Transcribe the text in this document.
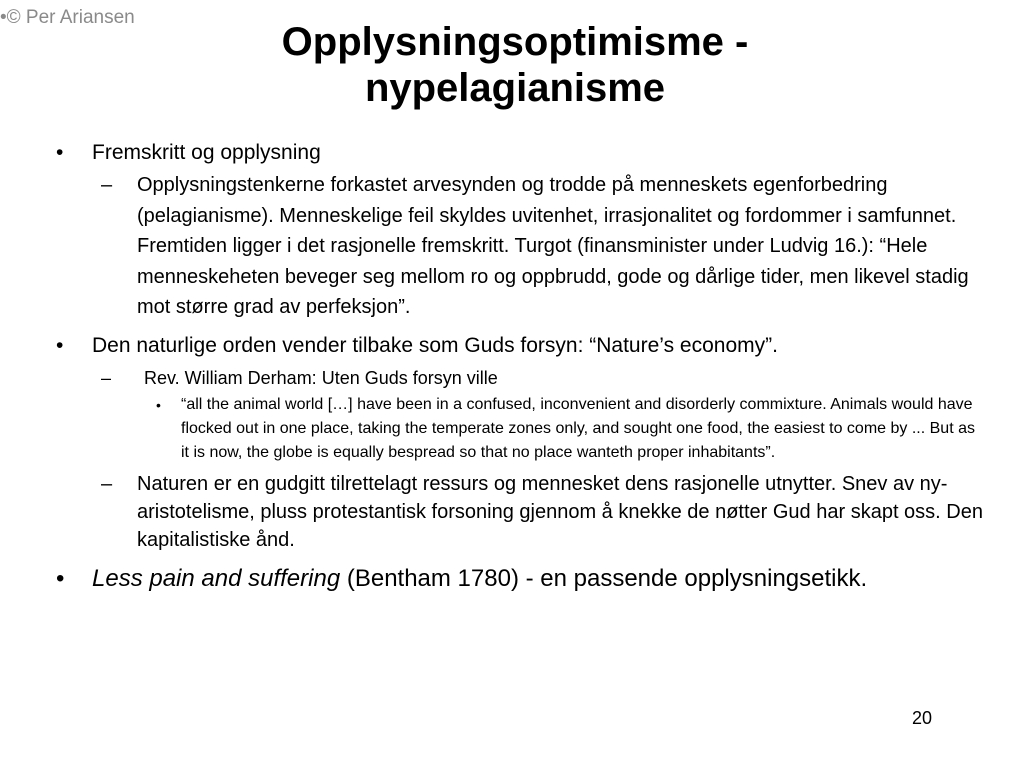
•© Per Ariansen
Opplysningsoptimisme -
nypelagianisme
• Fremskritt og opplysning
– Opplysningstenkerne forkastet arvesynden og trodde på menneskets egenforbedring (pelagianisme). Menneskelige feil skyldes uvitenhet, irrasjonalitet og fordommer i samfunnet. Fremtiden ligger i det rasjonelle fremskritt. Turgot (finansminister under Ludvig 16.): “Hele menneskeheten beveger seg mellom ro og oppbrudd, gode og dårlige tider, men likevel stadig mot større grad av perfeksjon”.
• Den naturlige orden vender tilbake som Guds forsyn: “Nature’s economy”.
– Rev. William Derham: Uten Guds forsyn ville
• “all the animal world […] have been in a confused, inconvenient and disorderly commixture. Animals would have flocked out in one place, taking the temperate zones only, and sought one food, the easiest to come by ... But as it is now, the globe is equally bespread so that no place wanteth proper inhabitants”.
– Naturen er en gudgitt tilrettelagt ressurs og mennesket dens rasjonelle utnytter. Snev av ny-aristotelisme, pluss protestantisk forsoning gjennom å knekke de nøtter Gud har skapt oss. Den kapitalistiske ånd.
• Less pain and suffering (Bentham 1780) - en passende opplysningsetikk.
20
